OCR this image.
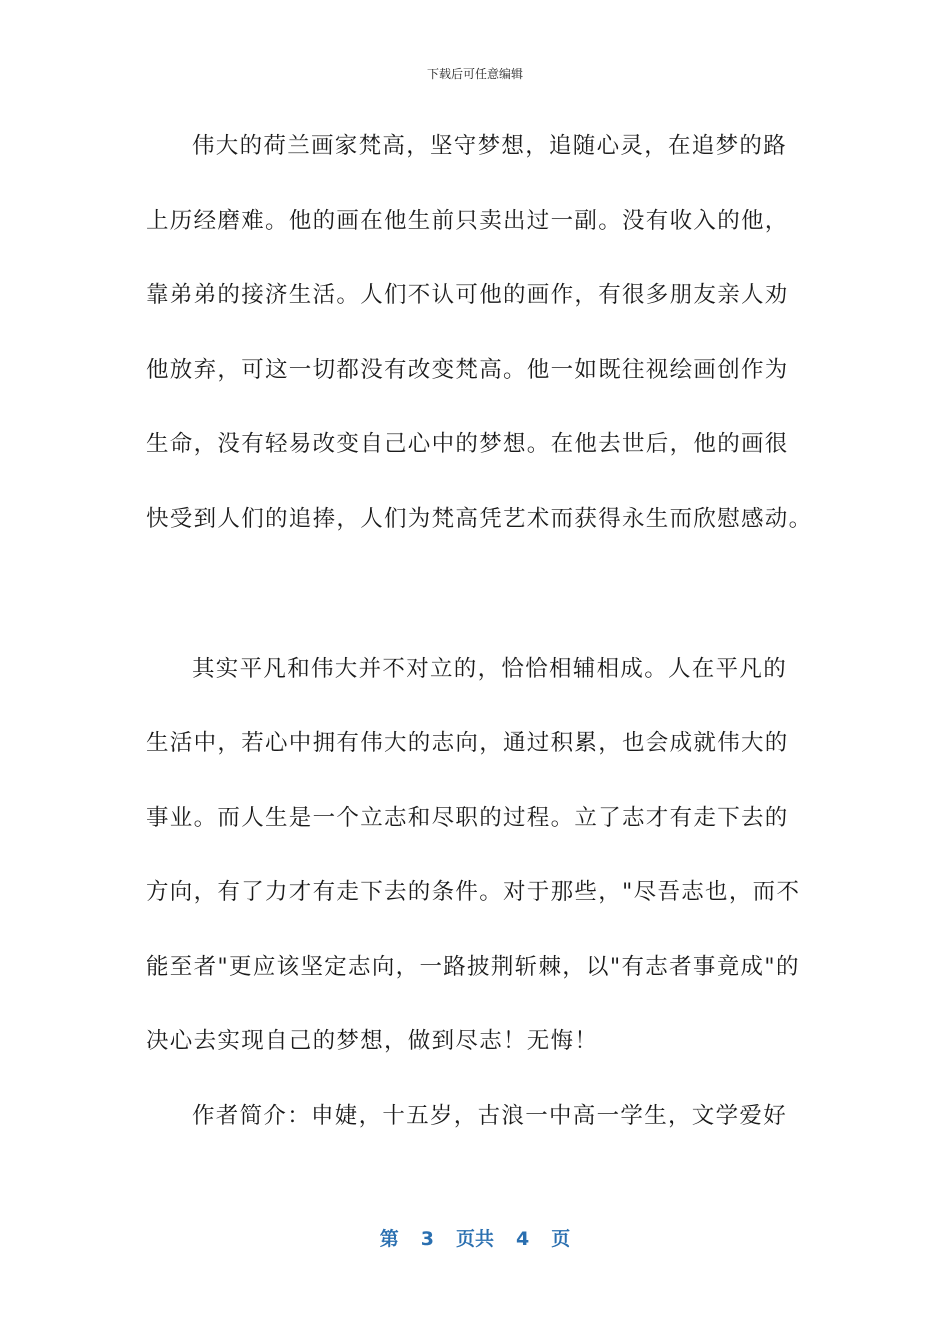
下载后可任意编辑
伟大的荷兰画家梵高，坚守梦想，追随心灵，在追梦的路
上历经磨难。他的画在他生前只卖出过一副。没有收入的他，
靠弟弟的接济生活。人们不认可他的画作，有很多朋友亲人劝
他放弃，可这一切都没有改变梵高。他一如既往视绘画创作为
生命，没有轻易改变自己心中的梦想。在他去世后，他的画很
快受到人们的追捧，人们为梵高凭艺术而获得永生而欣慰感动。
其实平凡和伟大并不对立的，恰恰相辅相成。人在平凡的
生活中，若心中拥有伟大的志向，通过积累，也会成就伟大的
事业。而人生是一个立志和尽职的过程。立了志才有走下去的
方向，有了力才有走下去的条件。对于那些，"尽吾志也，而不
能至者"更应该坚定志向，一路披荆斩棘，以"有志者事竟成"的
决心去实现自己的梦想，做到尽志！无悔！
作者简介：申婕，十五岁，古浪一中高一学生，文学爱好
第 3 页共 4 页
